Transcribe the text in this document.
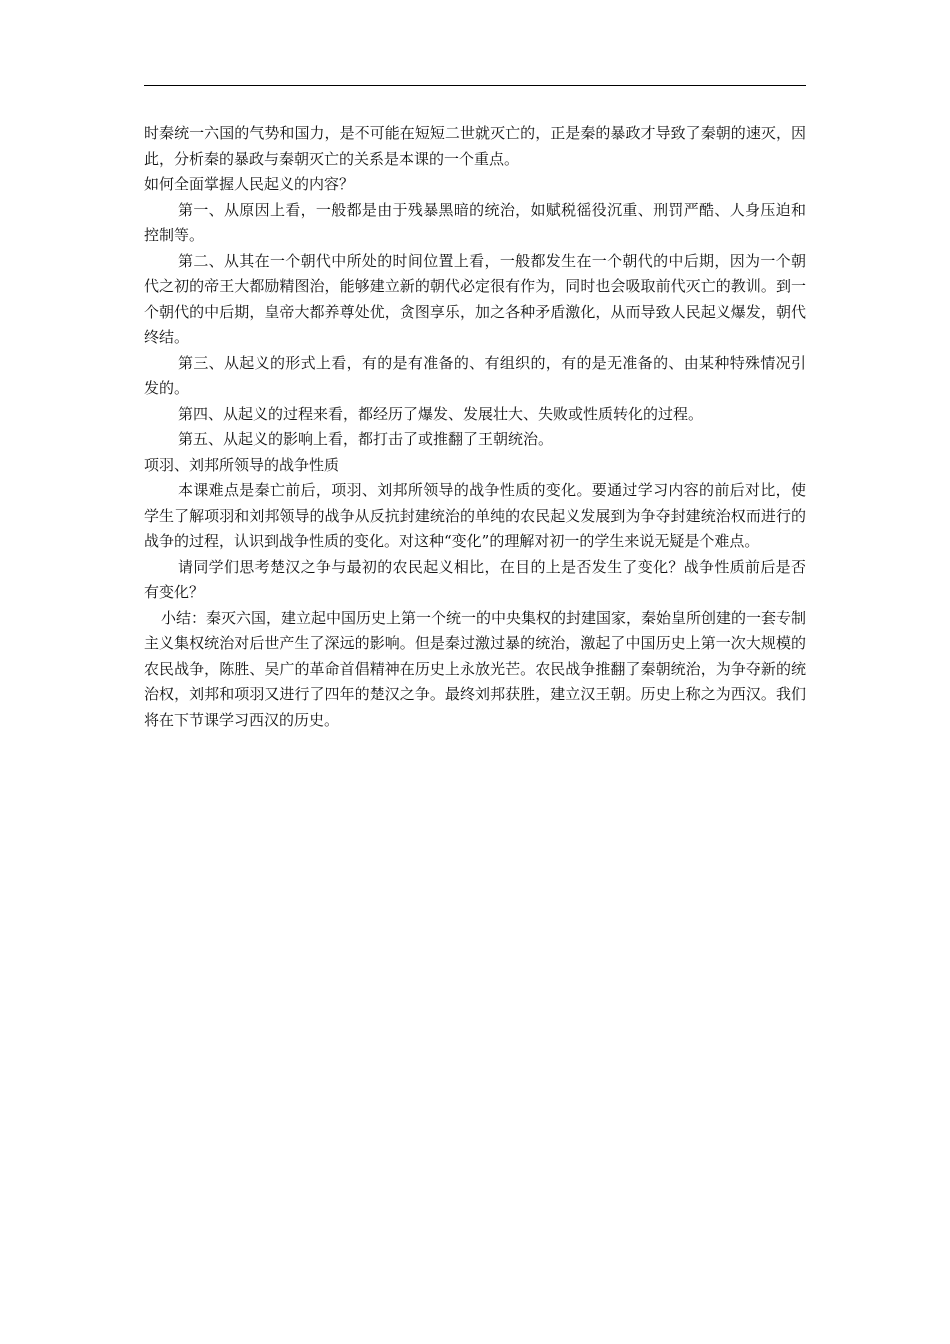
时秦统一六国的气势和国力，是不可能在短短二世就灭亡的，正是秦的暴政才导致了秦朝的速灭，因此，分析秦的暴政与秦朝灭亡的关系是本课的一个重点。

如何全面掌握人民起义的内容？

第一、从原因上看，一般都是由于残暴黑暗的统治，如赋税徭役沉重、刑罚严酷、人身压迫和控制等。

第二、从其在一个朝代中所处的时间位置上看，一般都发生在一个朝代的中后期，因为一个朝代之初的帝王大都励精图治，能够建立新的朝代必定很有作为，同时也会吸取前代灭亡的教训。到一个朝代的中后期，皇帝大都养尊处优，贪图享乐，加之各种矛盾激化，从而导致人民起义爆发，朝代终结。

第三、从起义的形式上看，有的是有准备的、有组织的，有的是无准备的、由某种特殊情况引发的。

第四、从起义的过程来看，都经历了爆发、发展壮大、失败或性质转化的过程。

第五、从起义的影响上看，都打击了或推翻了王朝统治。

项羽、刘邦所领导的战争性质

本课难点是秦亡前后，项羽、刘邦所领导的战争性质的变化。要通过学习内容的前后对比，使学生了解项羽和刘邦领导的战争从反抗封建统治的单纯的农民起义发展到为争夺封建统治权而进行的战争的过程，认识到战争性质的变化。对这种“变化”的理解对初一的学生来说无疑是个难点。

请同学们思考楚汉之争与最初的农民起义相比，在目的上是否发生了变化？战争性质前后是否有变化？

小结：秦灭六国，建立起中国历史上第一个统一的中央集权的封建国家，秦始皇所创建的一套专制主义集权统治对后世产生了深远的影响。但是秦过激过暴的统治，激起了中国历史上第一次大规模的农民战争，陈胜、吴广的革命首倡精神在历史上永放光芒。农民战争推翻了秦朝统治，为争夺新的统治权，刘邦和项羽又进行了四年的楚汉之争。最终刘邦获胜，建立汉王朝。历史上称之为西汉。我们将在下节课学习西汉的历史。
